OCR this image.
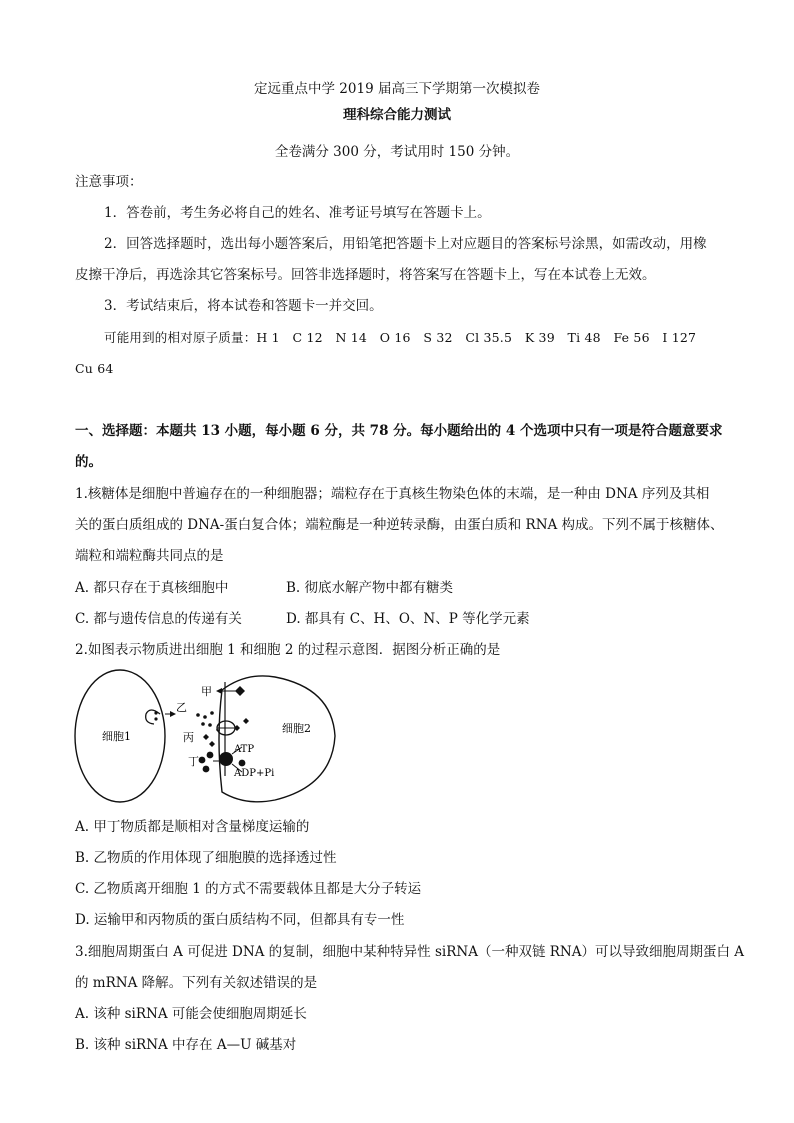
定远重点中学 2019 届高三下学期第一次模拟卷
理科综合能力测试
全卷满分 300 分，考试用时 150 分钟。
注意事项：
1．答卷前，考生务必将自己的姓名、准考证号填写在答题卡上。
2．回答选择题时，选出每小题答案后，用铅笔把答题卡上对应题目的答案标号涂黑，如需改动，用橡
皮擦干净后，再选涂其它答案标号。回答非选择题时，将答案写在答题卡上，写在本试卷上无效。
3．考试结束后，将本试卷和答题卡一并交回。
可能用到的相对原子质量：H 1　C 12　N 14　O 16　S 32　Cl 35.5　K 39　Ti 48　Fe 56　I 127
Cu 64
一、选择题：本题共 13 小题，每小题 6 分，共 78 分。每小题给出的 4 个选项中只有一项是符合题意要求
的。
1.核糖体是细胞中普遍存在的一种细胞器；端粒存在于真核生物染色体的末端，是一种由 DNA 序列及其相
关的蛋白质组成的 DNA-蛋白复合体；端粒酶是一种逆转录酶，由蛋白质和 RNA 构成。下列不属于核糖体、
端粒和端粒酶共同点的是
A. 都只存在于真核细胞中	B. 彻底水解产物中都有糖类
C. 都与遗传信息的传递有关	D. 都具有 C、H、O、N、P 等化学元素
2.如图表示物质进出细胞 1 和细胞 2 的过程示意图．据图分析正确的是
甲
乙
丙
丁
ATP
ADP+Pi
细胞1
细胞2
A. 甲丁物质都是顺相对含量梯度运输的
B. 乙物质的作用体现了细胞膜的选择透过性
C. 乙物质离开细胞 1 的方式不需要载体且都是大分子转运
D. 运输甲和丙物质的蛋白质结构不同，但都具有专一性
3.细胞周期蛋白 A 可促进 DNA 的复制，细胞中某种特异性 siRNA（一种双链 RNA）可以导致细胞周期蛋白 A
的 mRNA 降解。下列有关叙述错误的是
A. 该种 siRNA 可能会使细胞周期延长
B. 该种 siRNA 中存在 A—U 碱基对
